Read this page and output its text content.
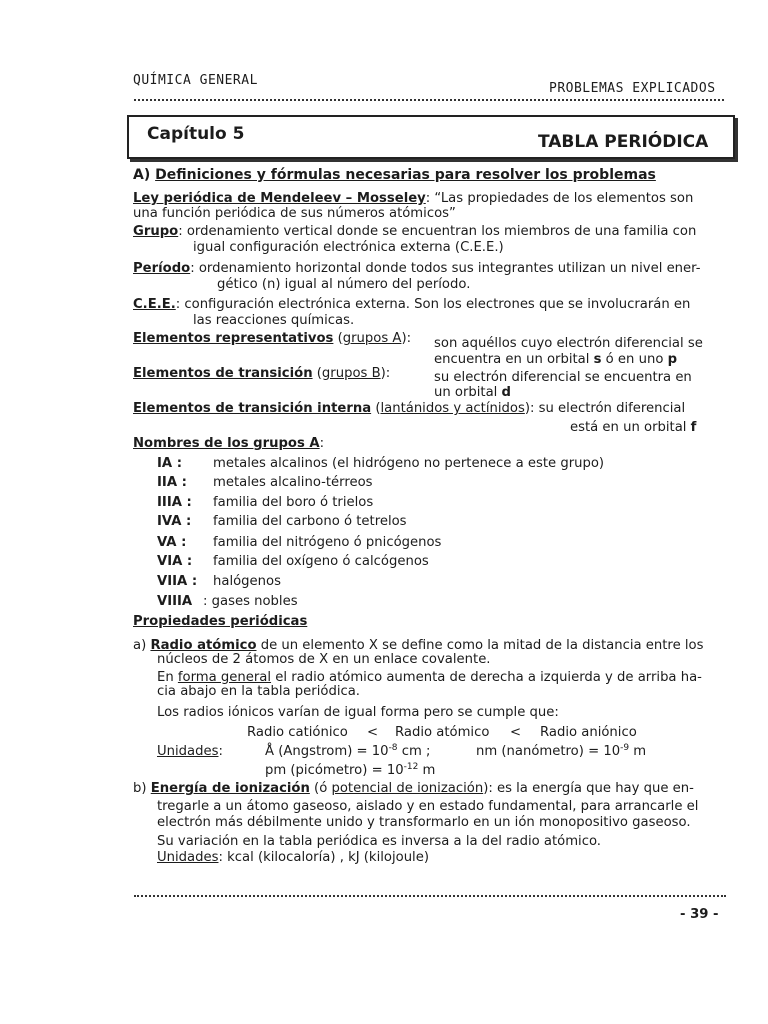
QUÍMICA GENERAL
PROBLEMAS EXPLICADOS
Capítulo 5	TABLA PERIÓDICA
A) Definiciones y fórmulas necesarias para resolver los problemas
Ley periódica de Mendeleev – Mosseley: “Las propiedades de los elementos son
una función periódica de sus números atómicos”
Grupo: ordenamiento vertical donde se encuentran los miembros de una familia con
igual configuración electrónica externa (C.E.E.)
Período: ordenamiento horizontal donde todos sus integrantes utilizan un nivel ener-
gético (n) igual al número del período.
C.E.E.: configuración electrónica externa. Son los electrones que se involucrarán en
las reacciones químicas.
Elementos representativos (grupos A): son aquéllos cuyo electrón diferencial se
encuentra en un orbital s ó en uno p
Elementos de transición (grupos B):	su electrón diferencial se encuentra en
un orbital d
Elementos de transición interna (lantánidos y actínidos): su electrón diferencial
está en un orbital f
Nombres de los grupos A:
IA : metales alcalinos (el hidrógeno no pertenece a este grupo)
IIA : metales alcalino-térreos
IIIA : familia del boro ó trielos
IVA : familia del carbono ó tetrelos
VA : familia del nitrógeno ó pnicógenos
VIA : familia del oxígeno ó calcógenos
VIIA : halógenos
VIIIA : gases nobles
Propiedades periódicas
a) Radio atómico de un elemento X se define como la mitad de la distancia entre los
núcleos de 2 átomos de X en un enlace covalente.
En forma general el radio atómico aumenta de derecha a izquierda y de arriba ha-
cia abajo en la tabla periódica.
Los radios iónicos varían de igual forma pero se cumple que:
Radio catiónico < Radio atómico < Radio aniónico
Unidades:	Å (Angstrom) = $10^{-8}$ cm ;	nm (nanómetro) = $10^{-9}$ m
pm (picómetro) = $10^{-12}$ m
b) Energía de ionización (ó potencial de ionización): es la energía que hay que en-
tregarle a un átomo gaseoso, aislado y en estado fundamental, para arrancarle el
electrón más débilmente unido y transformarlo en un ión monopositivo gaseoso.
Su variación en la tabla periódica es inversa a la del radio atómico.
Unidades: kcal (kilocaloría) , kJ (kilojoule)
- 39 -
